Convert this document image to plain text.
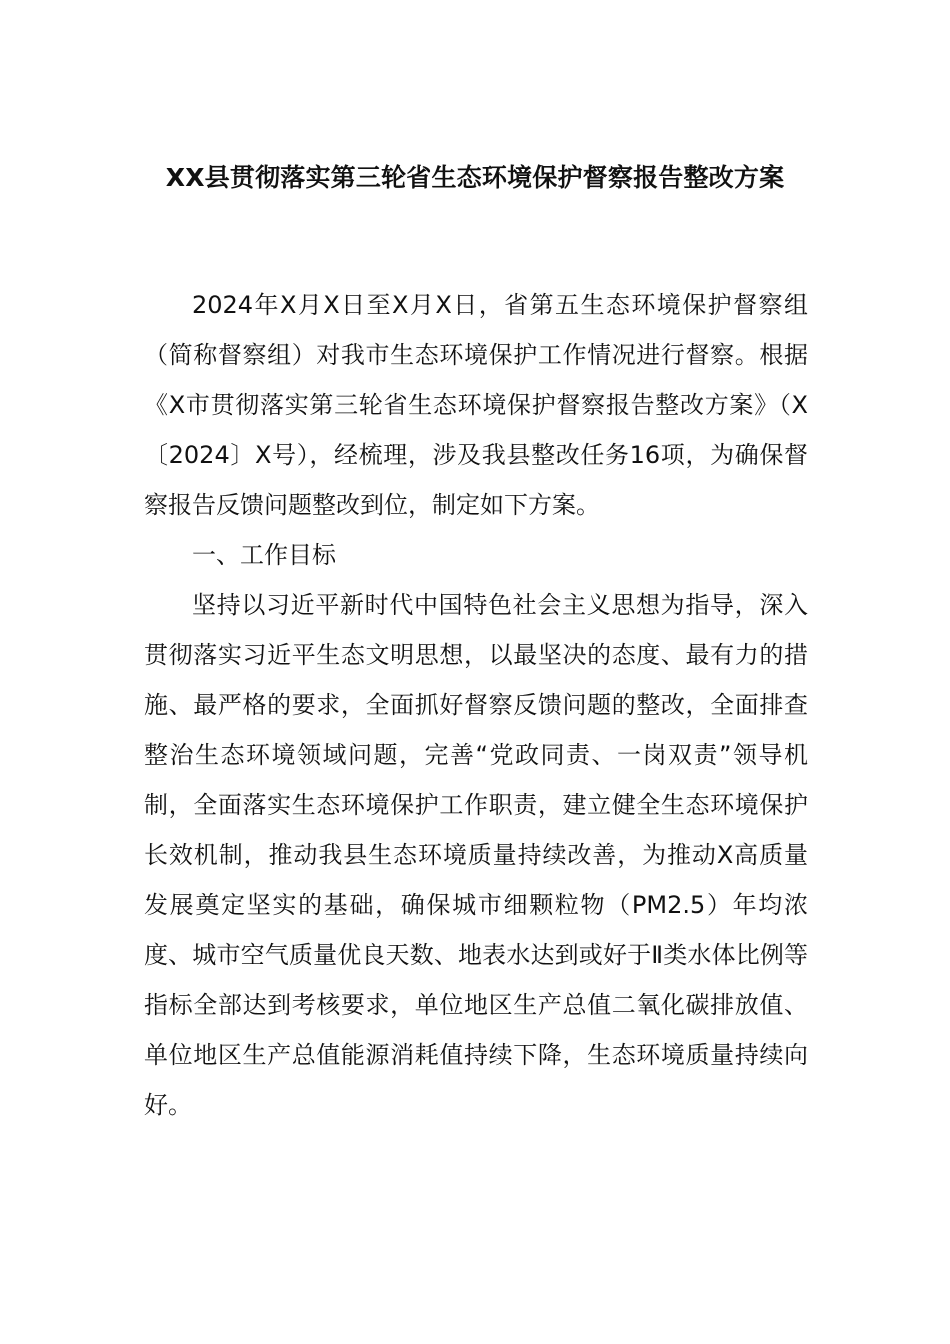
XX县贯彻落实第三轮省生态环境保护督察报告整改方案

2024年X月X日至X月X日，省第五生态环境保护督察组（简称督察组）对我市生态环境保护工作情况进行督察。根据《X市贯彻落实第三轮省生态环境保护督察报告整改方案》（X〔2024〕X号），经梳理，涉及我县整改任务16项，为确保督察报告反馈问题整改到位，制定如下方案。

一、工作目标

坚持以习近平新时代中国特色社会主义思想为指导，深入贯彻落实习近平生态文明思想，以最坚决的态度、最有力的措施、最严格的要求，全面抓好督察反馈问题的整改，全面排查整治生态环境领域问题，完善“党政同责、一岗双责”领导机制，全面落实生态环境保护工作职责，建立健全生态环境保护长效机制，推动我县生态环境质量持续改善，为推动X高质量发展奠定坚实的基础，确保城市细颗粒物（PM2.5）年均浓度、城市空气质量优良天数、地表水达到或好于Ⅱ类水体比例等指标全部达到考核要求，单位地区生产总值二氧化碳排放值、单位地区生产总值能源消耗值持续下降，生态环境质量持续向好。
